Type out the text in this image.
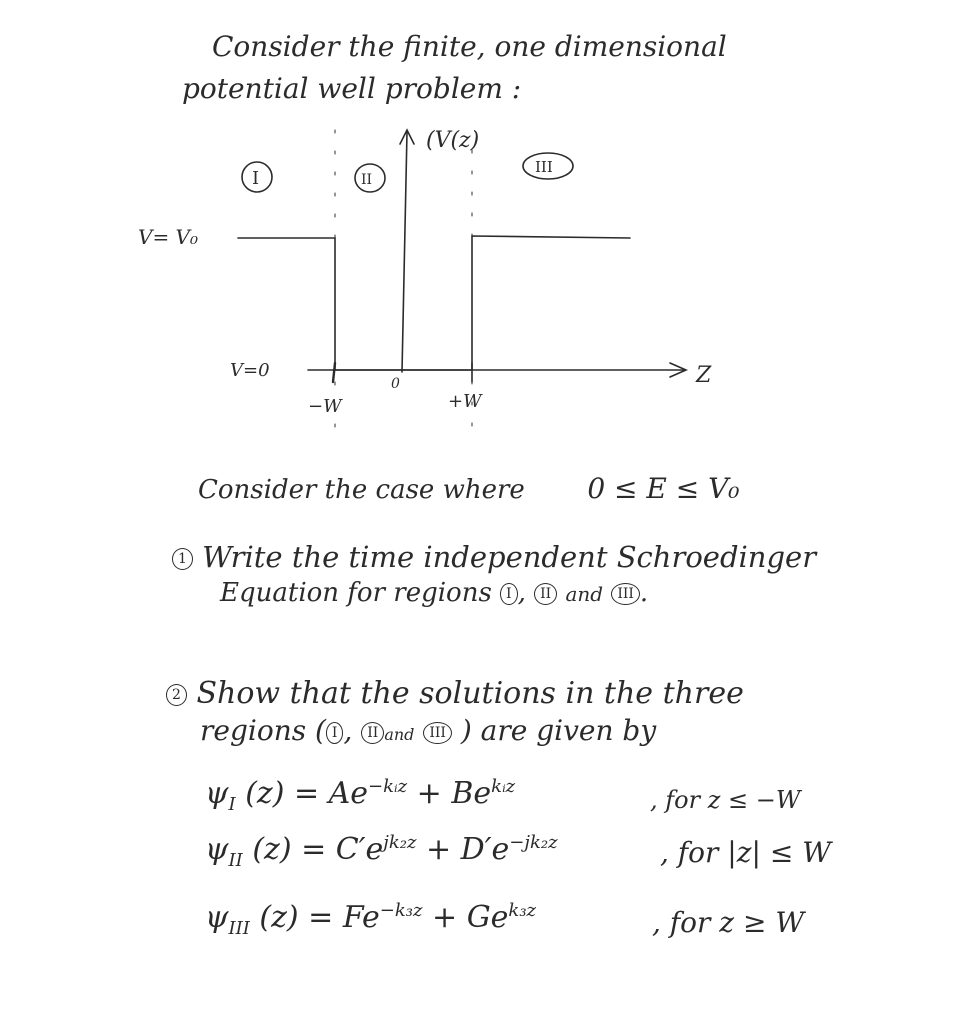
Consider the finite, one dimensional
potential well problem :
(V(z)
Z
V= V₀
V=0
−W
0
+W
I	II
III
Consider the case where 0 ≤ E ≤ V₀
1 Write the time independent Schroedinger
Equation for regions I , II and III .
2 Show that the solutions in the three
regions ( I , II and III ) are given by
$\psi_I$ $(z) = Ae^{-kᵢz} + Be^{kᵢz}$	, for z ≤ −W
$\psi_{II}$ $(z) = C'e^{jk_2z} + D'e^{-jk_2z}$	, for |z| ≤ W
$\psi_{III}$ $(z) = Fe^{-k_3z} + Ge^{k_3z}$	, for z ≥ W
